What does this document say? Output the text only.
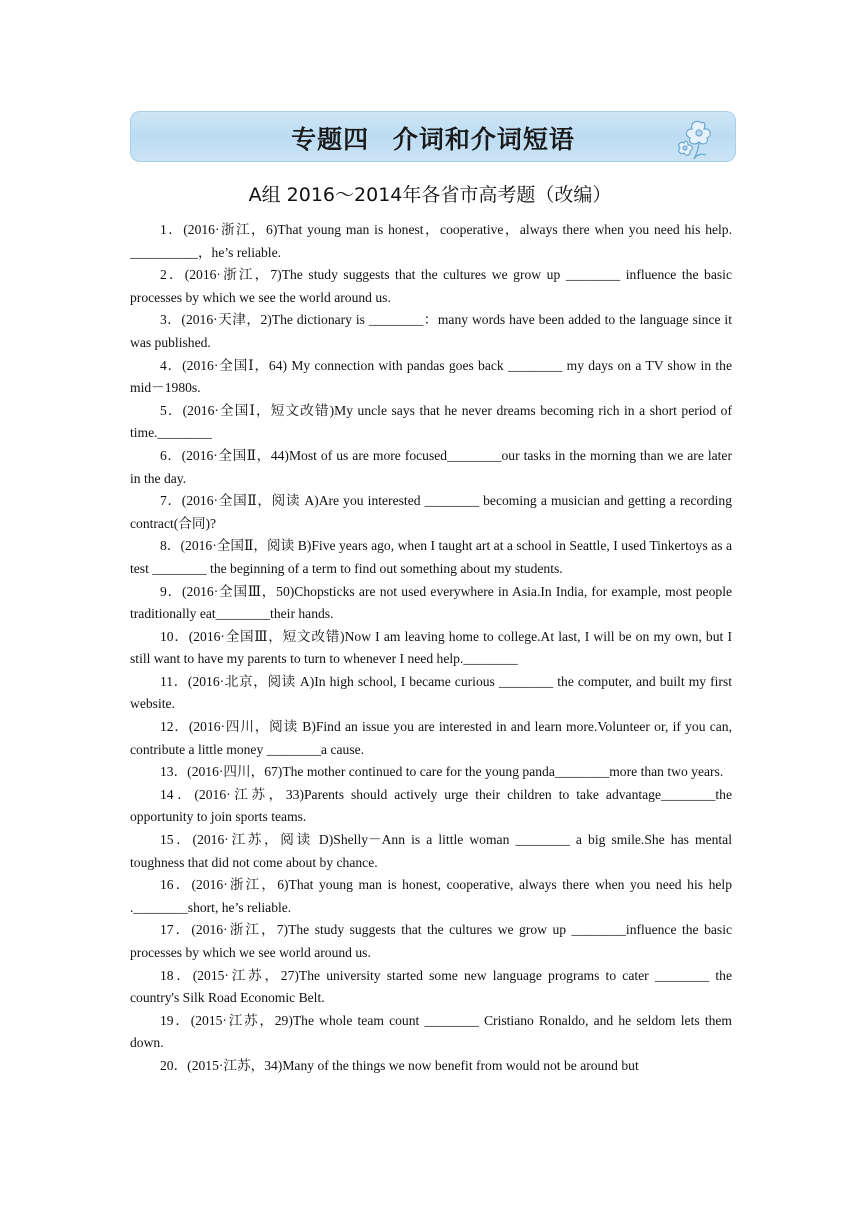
专题四 介词和介词短语
A组 2016～2014年各省市高考题（改编）

1．(2016·浙江，6)That young man is honest，cooperative，always there when you need his help. __________，he’s reliable.

2．(2016·浙江，7)The study suggests that the cultures we grow up ________ influence the basic processes by which we see the world around us.

3．(2016·天津，2)The dictionary is ________：many words have been added to the language since it was published.

4．(2016·全国Ⅰ，64) My connection with pandas goes back ________ my days on a TV show in the mid－1980s.

5．(2016·全国Ⅰ，短文改错)My uncle says that he never dreams becoming rich in a short period of time.________

6．(2016·全国Ⅱ，44)Most of us are more focused________our tasks in the morning than we are later in the day.

7．(2016·全国Ⅱ，阅读 A)Are you interested ________ becoming a musician and getting a recording contract(合同)?

8．(2016·全国Ⅱ，阅读 B)Five years ago, when I taught art at a school in Seattle, I used Tinkertoys as a test ________ the beginning of a term to find out something about my students.

9．(2016·全国Ⅲ，50)Chopsticks are not used everywhere in Asia.In India, for example, most people traditionally eat________their hands.

10．(2016·全国Ⅲ，短文改错)Now I am leaving home to college.At last, I will be on my own, but I still want to have my parents to turn to whenever I need help.________

11．(2016·北京，阅读 A)In high school, I became curious ________ the computer, and built my first website.

12．(2016·四川，阅读 B)Find an issue you are interested in and learn more.Volunteer or, if you can, contribute a little money ________a cause.

13．(2016·四川，67)The mother continued to care for the young panda________more than two years.

14．(2016·江苏，33)Parents should actively urge their children to take advantage________the opportunity to join sports teams.

15．(2016·江苏，阅读 D)Shelly－Ann is a little woman ________ a big smile.She has mental toughness that did not come about by chance.

16．(2016·浙江，6)That young man is honest, cooperative, always there when you need his help .________short, he’s reliable.

17．(2016·浙江，7)The study suggests that the cultures we grow up ________influence the basic processes by which we see world around us.

18．(2015·江苏，27)The university started some new language programs to cater ________ the country's Silk Road Economic Belt.

19．(2015·江苏，29)The whole team count ________ Cristiano Ronaldo, and he seldom lets them down.

20．(2015·江苏，34)Many of the things we now benefit from would not be around but
